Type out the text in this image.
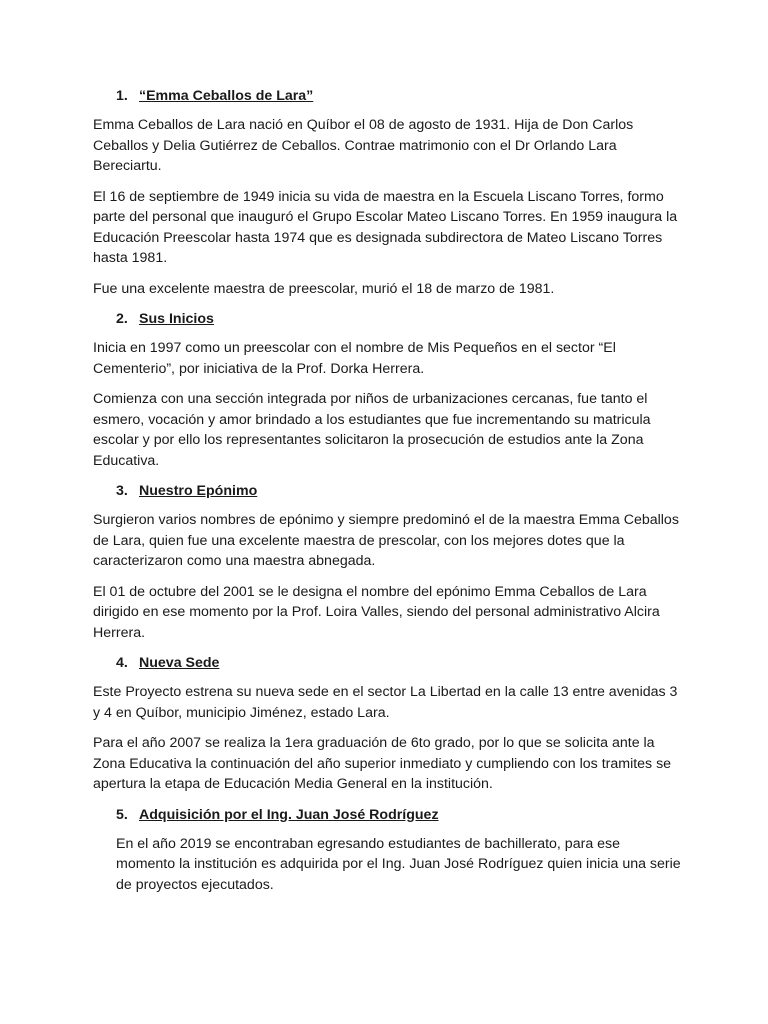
1. “Emma Ceballos de Lara”

Emma Ceballos de Lara nació en Quíbor el 08 de agosto de 1931. Hija de Don Carlos Ceballos y Delia Gutiérrez de Ceballos. Contrae matrimonio con el Dr Orlando Lara Bereciartu.

El 16 de septiembre de 1949 inicia su vida de maestra en la Escuela Liscano Torres, formo parte del personal que inauguró el Grupo Escolar Mateo Liscano Torres. En 1959 inaugura la Educación Preescolar hasta 1974 que es designada subdirectora de Mateo Liscano Torres hasta 1981.

Fue una excelente maestra de preescolar, murió el 18 de marzo de 1981.

2. Sus Inicios

Inicia en 1997 como un preescolar con el nombre de Mis Pequeños en el sector “El Cementerio”, por iniciativa de la Prof. Dorka Herrera.

Comienza con una sección integrada por niños de urbanizaciones cercanas, fue tanto el esmero, vocación y amor brindado a los estudiantes que fue incrementando su matricula escolar y por ello los representantes solicitaron la prosecución de estudios ante la Zona Educativa.

3. Nuestro Epónimo

Surgieron varios nombres de epónimo y siempre predominó el de la maestra Emma Ceballos de Lara, quien fue una excelente maestra de prescolar, con los mejores dotes que la caracterizaron como una maestra abnegada.

El 01 de octubre del 2001 se le designa el nombre del epónimo Emma Ceballos de Lara dirigido en ese momento por la Prof. Loira Valles, siendo del personal administrativo Alcira Herrera.

4. Nueva Sede

Este Proyecto estrena su nueva sede en el sector La Libertad en la calle 13 entre avenidas 3 y 4 en Quíbor, municipio Jiménez, estado Lara.

Para el año 2007 se realiza la 1era graduación de 6to grado, por lo que se solicita ante la Zona Educativa la continuación del año superior inmediato y cumpliendo con los tramites se apertura la etapa de Educación Media General en la institución.

5. Adquisición por el Ing. Juan José Rodríguez

En el año 2019 se encontraban egresando estudiantes de bachillerato, para ese momento la institución es adquirida por el Ing. Juan José Rodríguez quien inicia una serie de proyectos ejecutados.
